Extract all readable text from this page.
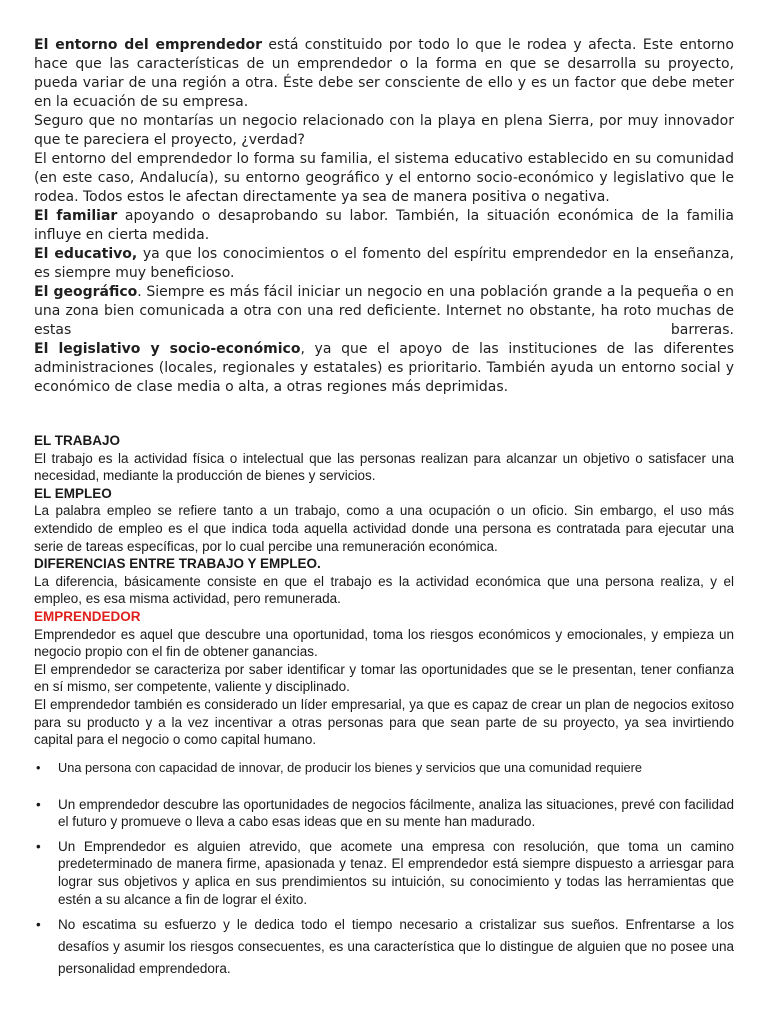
El entorno del emprendedor está constituido por todo lo que le rodea y afecta. Este entorno hace que las características de un emprendedor o la forma en que se desarrolla su proyecto, pueda variar de una región a otra. Éste debe ser consciente de ello y es un factor que debe meter en la ecuación de su empresa.

Seguro que no montarías un negocio relacionado con la playa en plena Sierra, por muy innovador que te pareciera el proyecto, ¿verdad?

El entorno del emprendedor lo forma su familia, el sistema educativo establecido en su comunidad (en este caso, Andalucía), su entorno geográfico y el entorno socio-económico y legislativo que le rodea. Todos estos le afectan directamente ya sea de manera positiva o negativa.

El familiar apoyando o desaprobando su labor. También, la situación económica de la familia influye en cierta medida.

El educativo, ya que los conocimientos o el fomento del espíritu emprendedor en la enseñanza, es siempre muy beneficioso.

El geográfico. Siempre es más fácil iniciar un negocio en una población grande a la pequeña o en una zona bien comunicada a otra con una red deficiente. Internet no obstante, ha roto muchas de estas barreras.

El legislativo y socio-económico, ya que el apoyo de las instituciones de las diferentes administraciones (locales, regionales y estatales) es prioritario. También ayuda un entorno social y económico de clase media o alta, a otras regiones más deprimidas.

EL TRABAJO

El trabajo es la actividad física o intelectual que las personas realizan para alcanzar un objetivo o satisfacer una necesidad, mediante la producción de bienes y servicios.

EL EMPLEO

La palabra empleo se refiere tanto a un trabajo, como a una ocupación o un oficio. Sin embargo, el uso más extendido de empleo es el que indica toda aquella actividad donde una persona es contratada para ejecutar una serie de tareas específicas, por lo cual percibe una remuneración económica.

DIFERENCIAS ENTRE TRABAJO Y EMPLEO.

La diferencia, básicamente consiste en que el trabajo es la actividad económica que una persona realiza, y el empleo, es esa misma actividad, pero remunerada.

EMPRENDEDOR

Emprendedor es aquel que descubre una oportunidad, toma los riesgos económicos y emocionales, y empieza un negocio propio con el fin de obtener ganancias.

El emprendedor se caracteriza por saber identificar y tomar las oportunidades que se le presentan, tener confianza en sí mismo, ser competente, valiente y disciplinado.

El emprendedor también es considerado un líder empresarial, ya que es capaz de crear un plan de negocios exitoso para su producto y a la vez incentivar a otras personas para que sean parte de su proyecto, ya sea invirtiendo capital para el negocio o como capital humano.

• Una persona con capacidad de innovar, de producir los bienes y servicios que una comunidad requiere
• Un emprendedor descubre las oportunidades de negocios fácilmente, analiza las situaciones, prevé con facilidad el futuro y promueve o lleva a cabo esas ideas que en su mente han madurado.
• Un Emprendedor es alguien atrevido, que acomete una empresa con resolución, que toma un camino predeterminado de manera firme, apasionada y tenaz. El emprendedor está siempre dispuesto a arriesgar para lograr sus objetivos y aplica en sus prendimientos su intuición, su conocimiento y todas las herramientas que estén a su alcance a fin de lograr el éxito.
• No escatima su esfuerzo y le dedica todo el tiempo necesario a cristalizar sus sueños. Enfrentarse a los desafíos y asumir los riesgos consecuentes, es una característica que lo distingue de alguien que no posee una personalidad emprendedora.
